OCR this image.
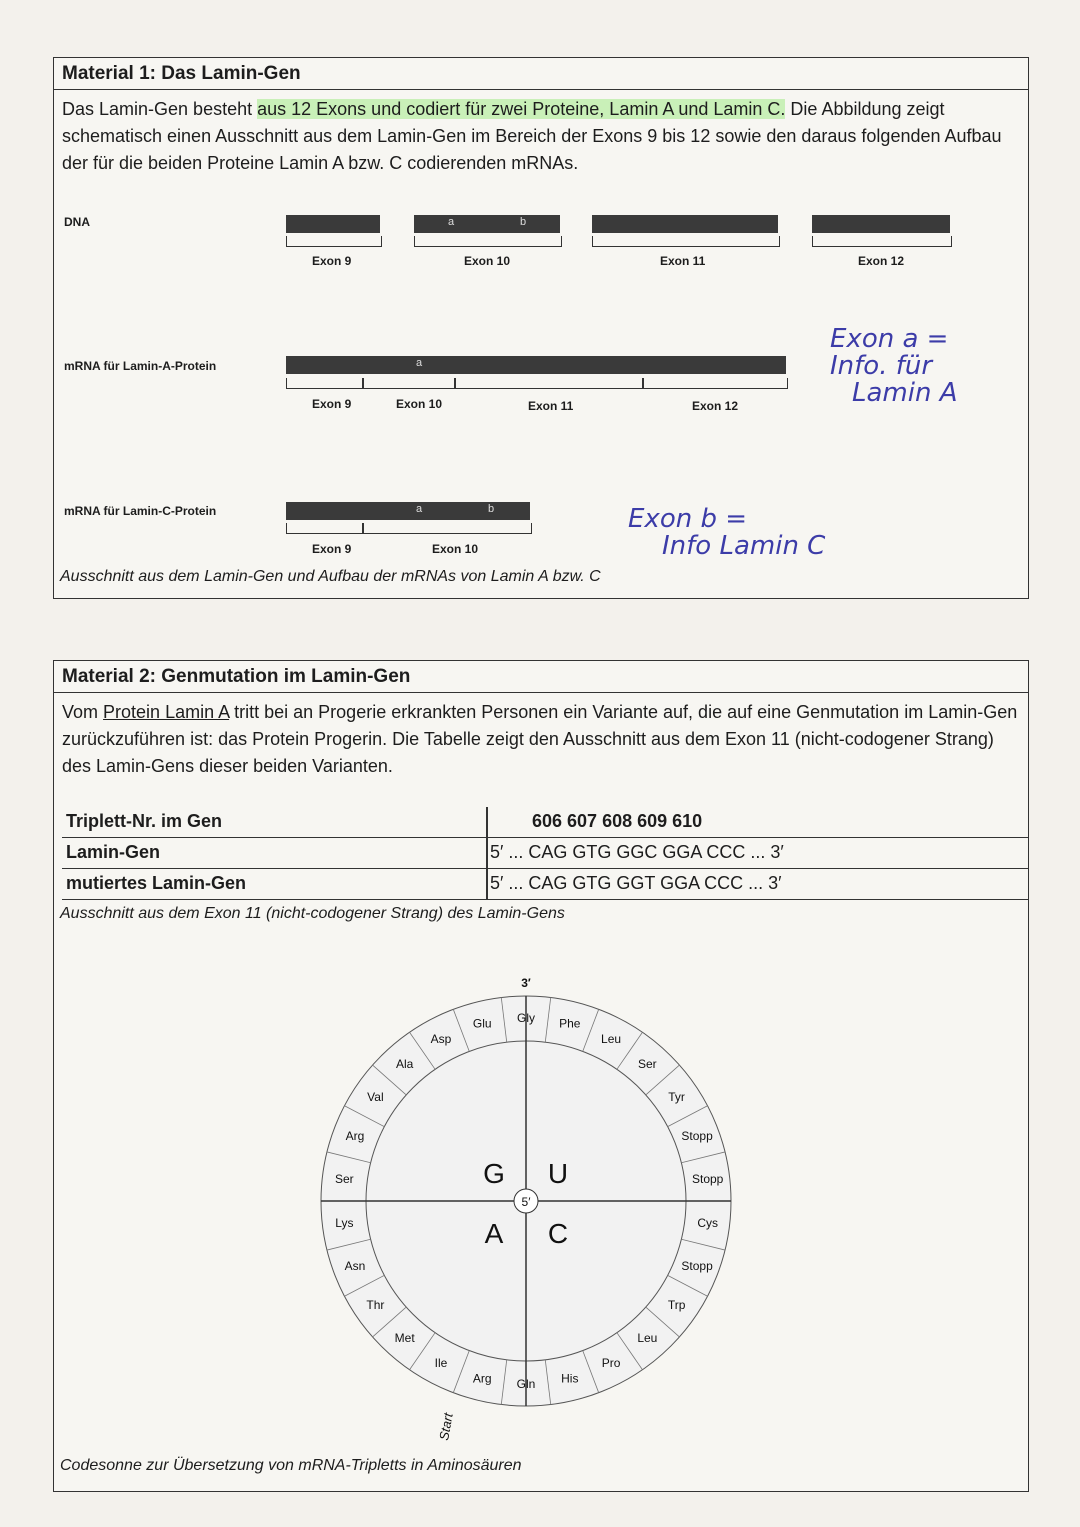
Material 1: Das Lamin-Gen
Das Lamin-Gen besteht aus 12 Exons und codiert für zwei Proteine, Lamin A und Lamin C. Die Abbildung zeigt schematisch einen Ausschnitt aus dem Lamin-Gen im Bereich der Exons 9 bis 12 sowie den daraus folgenden Aufbau der für die beiden Proteine Lamin A bzw. C codierenden mRNAs.
DNA	a	b
Exon 9	Exon 10	Exon 11	Exon 12
mRNA für Lamin-A-Protein	a
Exon 9	Exon 10	Exon 11	Exon 12
Exon a =
Info. für
Lamin A
mRNA für Lamin-C-Protein	a	b
Exon 9	Exon 10
Exon b =
Info Lamin C
Ausschnitt aus dem Lamin-Gen und Aufbau der mRNAs von Lamin A bzw. C
Material 2: Genmutation im Lamin-Gen
Vom Protein Lamin A tritt bei an Progerie erkrankten Personen ein Variante auf, die auf eine Genmutation im Lamin-Gen zurückzuführen ist: das Protein Progerin. Die Tabelle zeigt den Ausschnitt aus dem Exon 11 (nicht-codogener Strang) des Lamin-Gens dieser beiden Varianten.
Triplett-Nr. im Gen	606 607 608 609 610
Lamin-Gen	5′ ... CAG GTG GGC GGA CCC ... 3′
mutiertes Lamin-Gen	5′ ... CAG GTG GGT GGA CCC ... 3′
Ausschnitt aus dem Exon 11 (nicht-codogener Strang) des Lamin-Gens
Gly Phe
Leu
Ser
Tyr
Stopp
Stopp
Cys
Stopp
Trp
Leu
Pro
His
Gln
Arg
Ile
Met
Thr
Asn
Lys
Ser
Arg
Val
Ala
Asp
Glu
G U
A C
5′
3′
Start
Codesonne zur Übersetzung von mRNA-Tripletts in Aminosäuren
